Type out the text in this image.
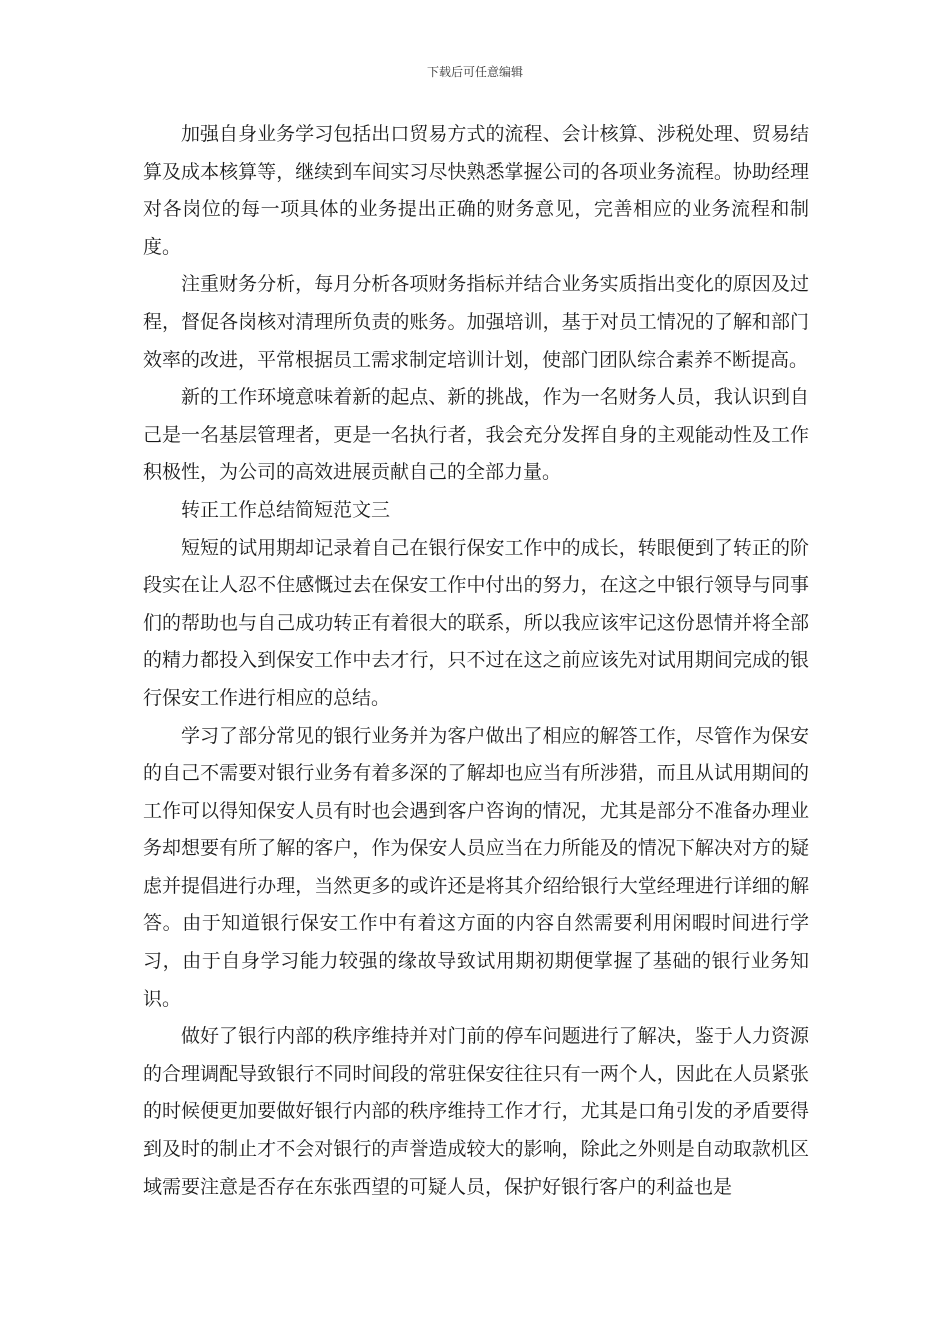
下载后可任意编辑

加强自身业务学习包括出口贸易方式的流程、会计核算、涉税处理、贸易结算及成本核算等，继续到车间实习尽快熟悉掌握公司的各项业务流程。协助经理对各岗位的每一项具体的业务提出正确的财务意见，完善相应的业务流程和制度。

注重财务分析，每月分析各项财务指标并结合业务实质指出变化的原因及过程，督促各岗核对清理所负责的账务。加强培训，基于对员工情况的了解和部门效率的改进，平常根据员工需求制定培训计划，使部门团队综合素养不断提高。

新的工作环境意味着新的起点、新的挑战，作为一名财务人员，我认识到自己是一名基层管理者，更是一名执行者，我会充分发挥自身的主观能动性及工作积极性，为公司的高效进展贡献自己的全部力量。

转正工作总结简短范文三

短短的试用期却记录着自己在银行保安工作中的成长，转眼便到了转正的阶段实在让人忍不住感慨过去在保安工作中付出的努力，在这之中银行领导与同事们的帮助也与自己成功转正有着很大的联系，所以我应该牢记这份恩情并将全部的精力都投入到保安工作中去才行，只不过在这之前应该先对试用期间完成的银行保安工作进行相应的总结。

学习了部分常见的银行业务并为客户做出了相应的解答工作，尽管作为保安的自己不需要对银行业务有着多深的了解却也应当有所涉猎，而且从试用期间的工作可以得知保安人员有时也会遇到客户咨询的情况，尤其是部分不准备办理业务却想要有所了解的客户，作为保安人员应当在力所能及的情况下解决对方的疑虑并提倡进行办理，当然更多的或许还是将其介绍给银行大堂经理进行详细的解答。由于知道银行保安工作中有着这方面的内容自然需要利用闲暇时间进行学习，由于自身学习能力较强的缘故导致试用期初期便掌握了基础的银行业务知识。

做好了银行内部的秩序维持并对门前的停车问题进行了解决，鉴于人力资源的合理调配导致银行不同时间段的常驻保安往往只有一两个人，因此在人员紧张的时候便更加要做好银行内部的秩序维持工作才行，尤其是口角引发的矛盾要得到及时的制止才不会对银行的声誉造成较大的影响，除此之外则是自动取款机区域需要注意是否存在东张西望的可疑人员，保护好银行客户的利益也是
